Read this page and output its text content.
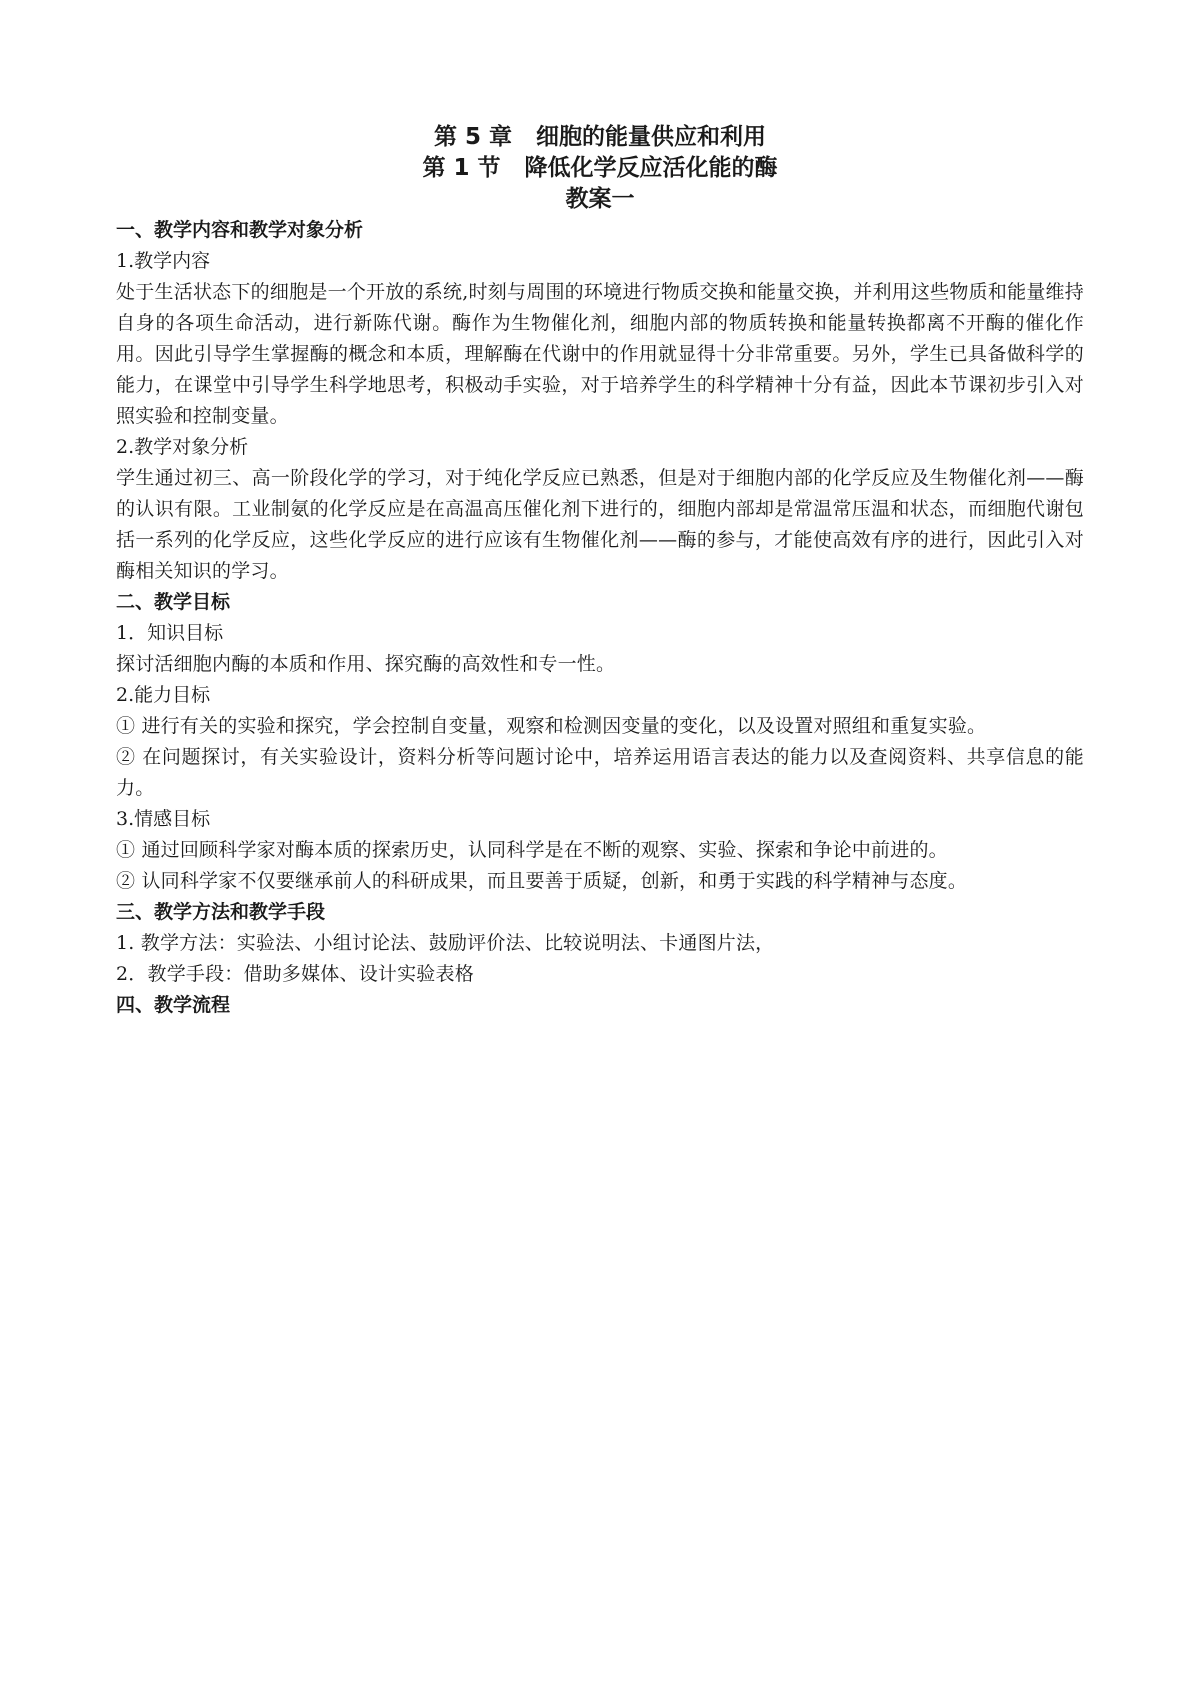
第 5 章 细胞的能量供应和利用

第 1 节 降低化学反应活化能的酶

教案一

一、教学内容和教学对象分析

1.教学内容

处于生活状态下的细胞是一个开放的系统,时刻与周围的环境进行物质交换和能量交换，并利用这些物质和能量维持自身的各项生命活动，进行新陈代谢。酶作为生物催化剂，细胞内部的物质转换和能量转换都离不开酶的催化作用。因此引导学生掌握酶的概念和本质，理解酶在代谢中的作用就显得十分非常重要。另外，学生已具备做科学的能力，在课堂中引导学生科学地思考，积极动手实验，对于培养学生的科学精神十分有益，因此本节课初步引入对照实验和控制变量。

2.教学对象分析

学生通过初三、高一阶段化学的学习，对于纯化学反应已熟悉，但是对于细胞内部的化学反应及生物催化剂——酶的认识有限。工业制氨的化学反应是在高温高压催化剂下进行的，细胞内部却是常温常压温和状态，而细胞代谢包括一系列的化学反应，这些化学反应的进行应该有生物催化剂——酶的参与，才能使高效有序的进行，因此引入对酶相关知识的学习。

二、教学目标

1．知识目标

探讨活细胞内酶的本质和作用、探究酶的高效性和专一性。

2.能力目标

① 进行有关的实验和探究，学会控制自变量，观察和检测因变量的变化，以及设置对照组和重复实验。

② 在问题探讨，有关实验设计，资料分析等问题讨论中，培养运用语言表达的能力以及查阅资料、共享信息的能力。

3.情感目标

① 通过回顾科学家对酶本质的探索历史，认同科学是在不断的观察、实验、探索和争论中前进的。

② 认同科学家不仅要继承前人的科研成果，而且要善于质疑，创新，和勇于实践的科学精神与态度。

三、教学方法和教学手段

1. 教学方法：实验法、小组讨论法、鼓励评价法、比较说明法、卡通图片法，

2．教学手段：借助多媒体、设计实验表格

四、教学流程
